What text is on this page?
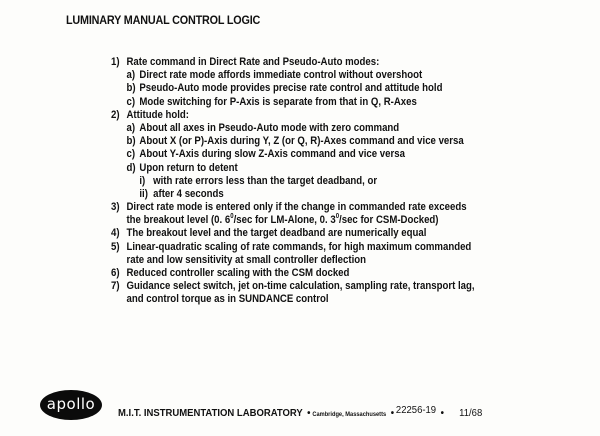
LUMINARY MANUAL CONTROL LOGIC
1) Rate command in Direct Rate and Pseudo-Auto modes:
a) Direct rate mode affords immediate control without overshoot
b) Pseudo-Auto mode provides precise rate control and attitude hold
c) Mode switching for P-Axis is separate from that in Q, R-Axes
2) Attitude hold:
a) About all axes in Pseudo-Auto mode with zero command
b) About X (or P)-Axis during Y, Z (or Q, R)-Axes command and vice versa
c) About Y-Axis during slow Z-Axis command and vice versa
d) Upon return to detent
i) with rate errors less than the target deadband, or
ii) after 4 seconds
3) Direct rate mode is entered only if the change in commanded rate exceeds
the breakout level (0. $6^0/\sec$ for LM-Alone, 0. $3^0/\sec$ for CSM-Docked)
4) The breakout level and the target deadband are numerically equal
5) Linear-quadratic scaling of rate commands, for high maximum commanded
rate and low sensitivity at small controller deflection
6) Reduced controller scaling with the CSM docked
7) Guidance select switch, jet on-time calculation, sampling rate, transport lag,
and control torque as in SUNDANCE control
apollo
M.I.T. INSTRUMENTATION LABORATORY • Cambridge, Massachusetts • 22256-19 • 11/68
